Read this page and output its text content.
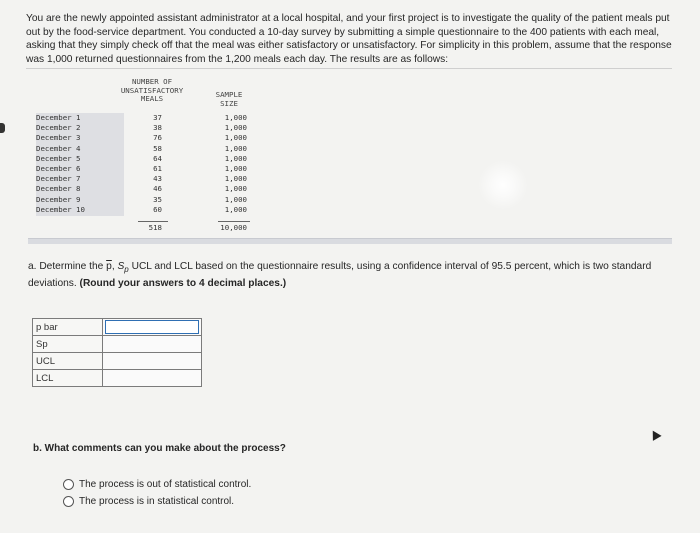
You are the newly appointed assistant administrator at a local hospital, and your first project is to investigate the quality of the patient meals put out by the food-service department. You conducted a 10-day survey by submitting a simple questionnaire to the 400 patients with each meal, asking that they simply check off that the meal was either satisfactory or unsatisfactory. For simplicity in this problem, assume that the response was 1,000 returned questionnaires from the 1,200 meals each day. The results are as follows:
NUMBER OF
UNSATISFACTORY
MEALS	SAMPLE
SIZE
December 1	37	1,000
December 2	38	1,000
December 3	76	1,000
December 4	58	1,000
December 5	64	1,000
December 6	61	1,000
December 7	43	1,000
December 8	46	1,000
December 9	35	1,000
December 10	60	1,000
518	10,000
a. Determine the $\overline{p}$, $S_p$ UCL and LCL based on the questionnaire results, using a confidence interval of 95.5 percent, which is two standard deviations. (Round your answers to 4 decimal places.)
p bar	
Sp	
UCL	
LCL	
b. What comments can you make about the process?
The process is out of statistical control.
The process is in statistical control.
